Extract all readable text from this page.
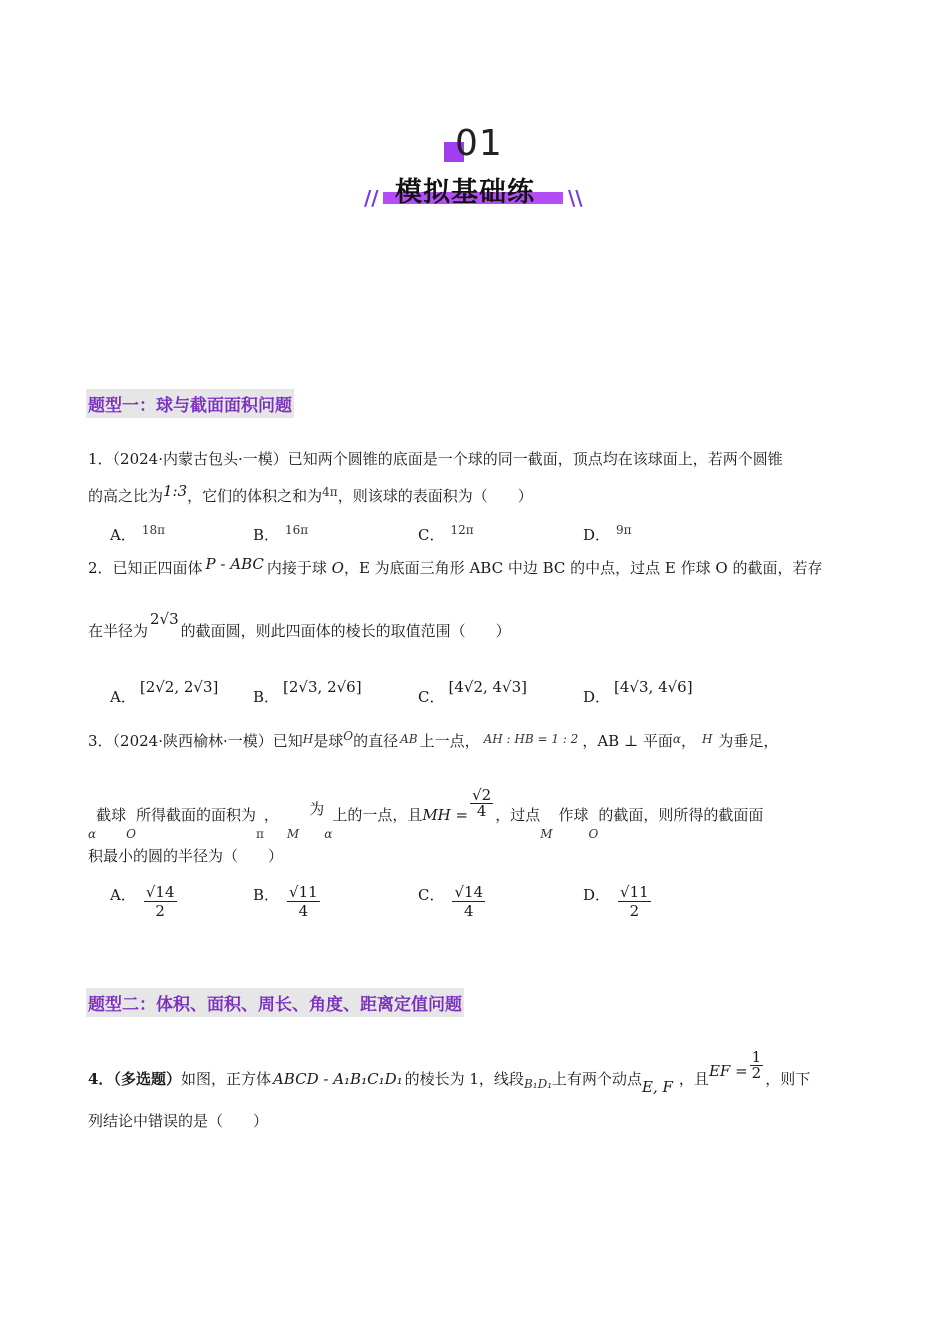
01
// 模拟基础练 \\
题型一：球与截面面积问题
1．（2024·内蒙古包头·一模）已知两个圆锥的底面是一个球的同一截面，顶点均在该球面上，若两个圆锥
的高之比为1:3，它们的体积之和为$^{4\pi}$，则该球的表面积为（　　）
A． $^{18\pi}$	B． $^{16\pi}$	C． $^{12\pi}$	D． $^{9\pi}$
2．已知正四面体 P - ABC 内接于球 O，E 为底面三角形 ABC 中边 BC 的中点，过点 E 作球 O 的截面，若存
在半径为2√3的截面圆，则此四面体的棱长的取值范围（　　）
A．[2√2, 2√3]
B．[2√3, 2√6]
C．[4√2, 4√3]
D．[4√3, 4√6]
3．（2024·陕西榆林·一模）已知$^H$是球$^O$的直径 $^{AB}$ 上一点， $^{AH : HB = 1 : 2}$ ，AB ⊥ 平面$^\alpha$， $^H$ 为垂足，
$_\alpha$截球$_O$所得截面的面积为$_\pi$，$_M$为$_\alpha$上的一点，且MH = $\frac{√2}{4}$ ，过点$_M$作球$_O$的截面，则所得的截面面
积最小的圆的半径为（　　）
A． $\frac{√14}{2}$	B． $\frac{√11}{4}$	C． $\frac{√14}{4}$	D． $\frac{√11}{2}$
题型二：体积、面积、周长、角度、距离定值问题
4．（多选题）如图，正方体 ABCD - A₁B₁C₁D₁ 的棱长为 1，线段$_{B_1D_1}$上有两个动点E, F ，且EF = $\frac{1}{2}$ ，则下
列结论中错误的是（　　）
